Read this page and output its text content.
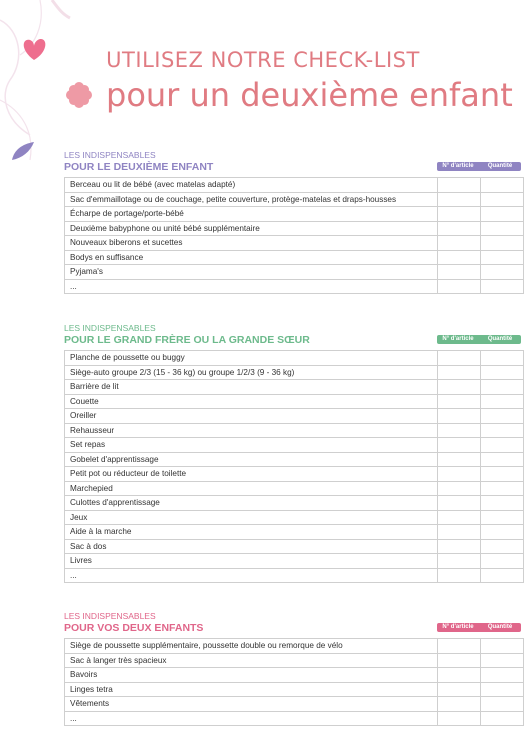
UTILISEZ NOTRE CHECK-LIST
pour un deuxième enfant
LES INDISPENSABLES
POUR LE DEUXIÈME ENFANT	N° d'article	Quantité
Berceau ou lit de bébé (avec matelas adapté)		
Sac d'emmaillotage ou de couchage, petite couverture, protège-matelas et draps-housses		
Écharpe de portage/porte-bébé		
Deuxième babyphone ou unité bébé supplémentaire		
Nouveaux biberons et sucettes		
Bodys en suffisance		
Pyjama's		
...		
LES INDISPENSABLES
POUR LE GRAND FRÈRE OU LA GRANDE SŒUR	N° d'article	Quantité
Planche de poussette ou buggy		
Siège-auto groupe 2/3 (15 - 36 kg) ou groupe 1/2/3 (9 - 36 kg)		
Barrière de lit		
Couette		
Oreiller		
Rehausseur		
Set repas		
Gobelet d'apprentissage		
Petit pot ou réducteur de toilette		
Marchepied		
Culottes d'apprentissage		
Jeux		
Aide à la marche		
Sac à dos		
Livres		
...		
LES INDISPENSABLES
POUR VOS DEUX ENFANTS	N° d'article	Quantité
Siège de poussette supplémentaire, poussette double ou remorque de vélo		
Sac à langer très spacieux		
Bavoirs		
Linges tetra		
Vêtements		
...		
